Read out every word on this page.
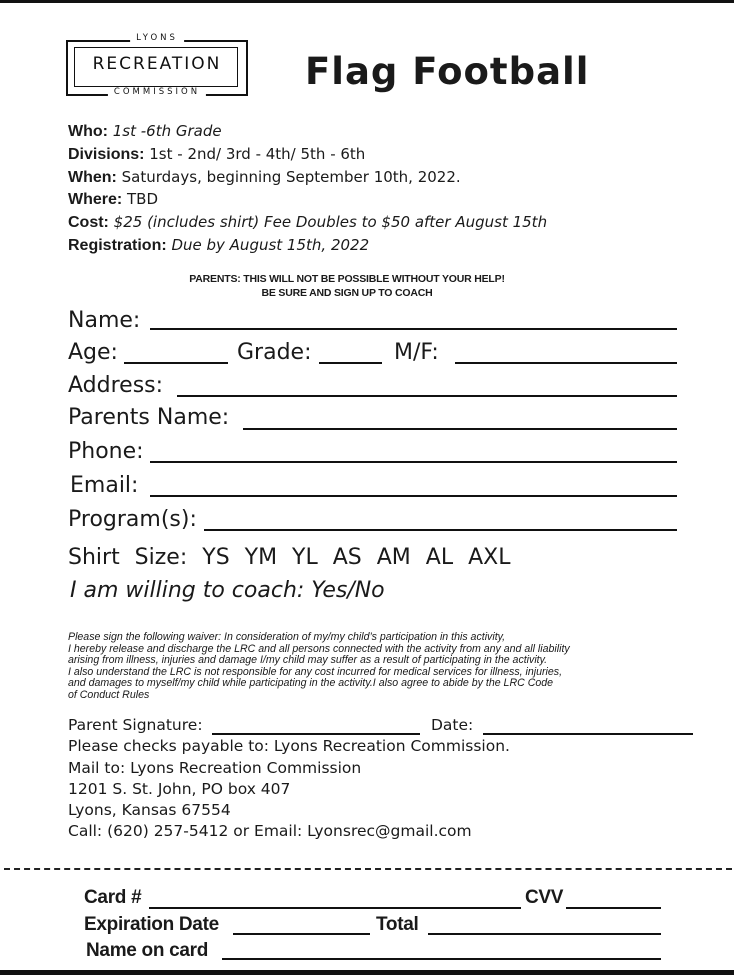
LYONS
RECREATION
COMMISSION	Flag Football
Who: 1st -6th Grade
Divisions: 1st - 2nd/ 3rd - 4th/ 5th - 6th
When: Saturdays, beginning September 10th, 2022.
Where: TBD
Cost: $25 (includes shirt) Fee Doubles to $50 after August 15th
Registration: Due by August 15th, 2022
PARENTS: THIS WILL NOT BE POSSIBLE WITHOUT YOUR HELP!
BE SURE AND SIGN UP TO COACH
Name:
Age:	Grade:	M/F:
Address:
Parents Name:
Phone:
Email:
Program(s):
Shirt Size: YS YM YL AS AM AL AXL
I am willing to coach: Yes/No
Please sign the following waiver: In consideration of my/my child’s participation in this activity,
I hereby release and discharge the LRC and all persons connected with the activity from any and all liability
arising from illness, injuries and damage I/my child may suffer as a result of participating in the activity.
I also understand the LRC is not responsible for any cost incurred for medical services for illness, injuries,
and damages to myself/my child while participating in the activity.I also agree to abide by the LRC Code
of Conduct Rules
Parent Signature:	Date:
Please checks payable to: Lyons Recreation Commission.
Mail to: Lyons Recreation Commission
1201 S. St. John, PO box 407
Lyons, Kansas 67554
Call: (620) 257-5412 or Email: Lyonsrec@gmail.com
Card #	CVV
Expiration Date	Total
Name on card
